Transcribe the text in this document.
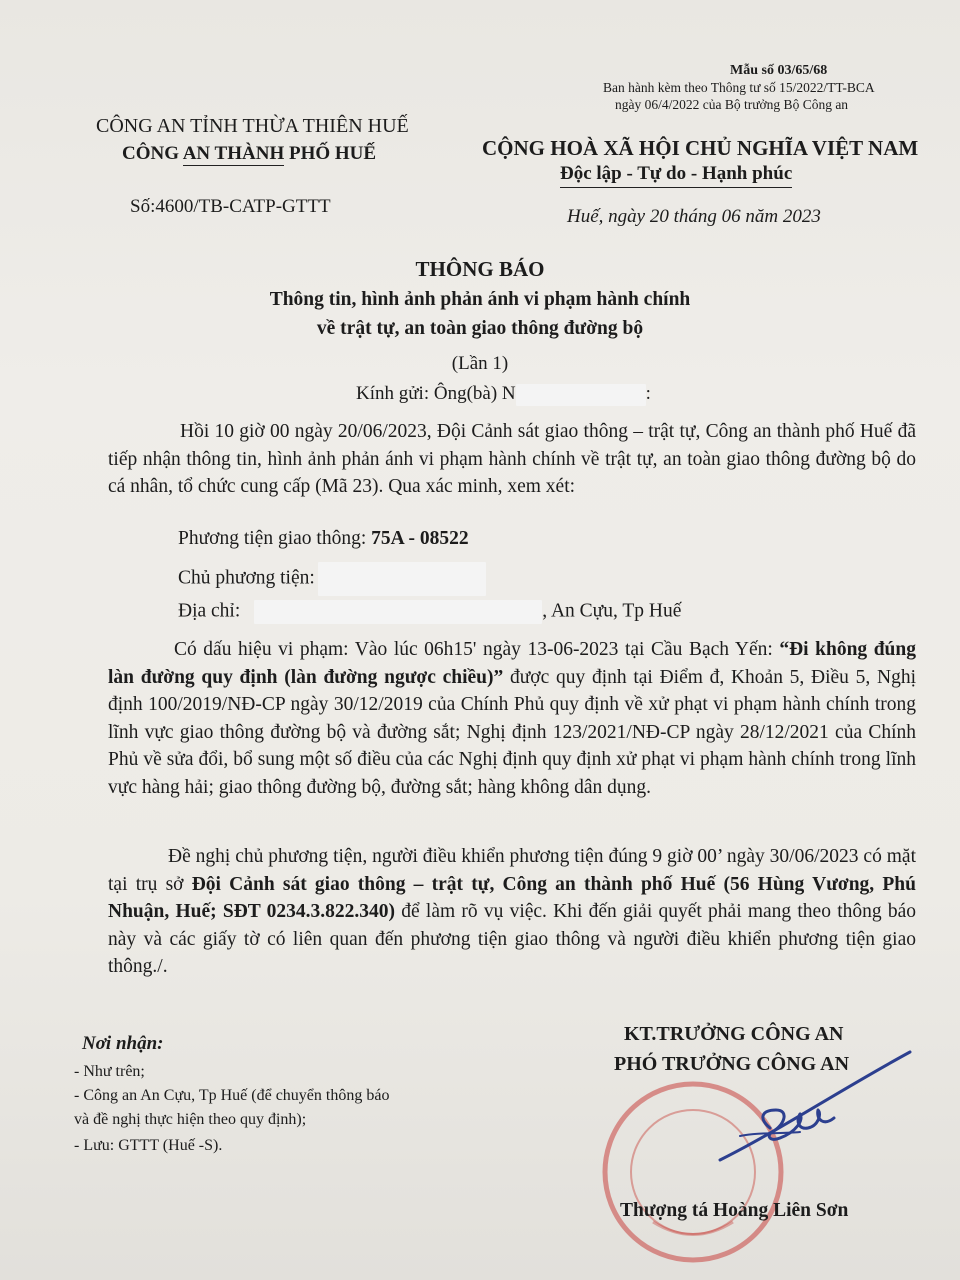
Mẫu số 03/65/68
Ban hành kèm theo Thông tư số 15/2022/TT-BCA
ngày 06/4/2022 của Bộ trưởng Bộ Công an
CÔNG AN TỈNH THỪA THIÊN HUẾ
CÔNG AN THÀNH PHỐ HUẾ	CỘNG HOÀ XÃ HỘI CHỦ NGHĨA VIỆT NAM
Độc lập - Tự do - Hạnh phúc
Số:4600/TB-CATP-GTTT	Huế, ngày 20 tháng 06 năm 2023
THÔNG BÁO
Thông tin, hình ảnh phản ánh vi phạm hành chính
về trật tự, an toàn giao thông đường bộ
(Lần 1)
Kính gửi: Ông(bà) N	:
Hồi 10 giờ 00 ngày 20/06/2023, Đội Cảnh sát giao thông – trật tự, Công an thành phố Huế đã tiếp nhận thông tin, hình ảnh phản ánh vi phạm hành chính về trật tự, an toàn giao thông đường bộ do cá nhân, tổ chức cung cấp (Mã 23). Qua xác minh, xem xét:
Phương tiện giao thông: 75A - 08522
Chủ phương tiện:
Địa chỉ:	, An Cựu, Tp Huế
Có dấu hiệu vi phạm: Vào lúc 06h15' ngày 13-06-2023 tại Cầu Bạch Yến: “Đi không đúng làn đường quy định (làn đường ngược chiều)” được quy định tại Điểm đ, Khoản 5, Điều 5, Nghị định 100/2019/NĐ-CP ngày 30/12/2019 của Chính Phủ quy định về xử phạt vi phạm hành chính trong lĩnh vực giao thông đường bộ và đường sắt; Nghị định 123/2021/NĐ-CP ngày 28/12/2021 của Chính Phủ về sửa đổi, bổ sung một số điều của các Nghị định quy định xử phạt vi phạm hành chính trong lĩnh vực hàng hải; giao thông đường bộ, đường sắt; hàng không dân dụng.
Đề nghị chủ phương tiện, người điều khiển phương tiện đúng 9 giờ 00’ ngày 30/06/2023 có mặt tại trụ sở Đội Cảnh sát giao thông – trật tự, Công an thành phố Huế (56 Hùng Vương, Phú Nhuận, Huế; SĐT 0234.3.822.340) để làm rõ vụ việc. Khi đến giải quyết phải mang theo thông báo này và các giấy tờ có liên quan đến phương tiện giao thông và người điều khiển phương tiện giao thông./.
Nơi nhận:
- Như trên;
- Công an An Cựu, Tp Huế (để chuyển thông báo
và đề nghị thực hiện theo quy định);
- Lưu: GTTT (Huế -S).
KT.TRƯỞNG CÔNG AN
PHÓ TRƯỞNG CÔNG AN
Thượng tá Hoàng Liên Sơn
